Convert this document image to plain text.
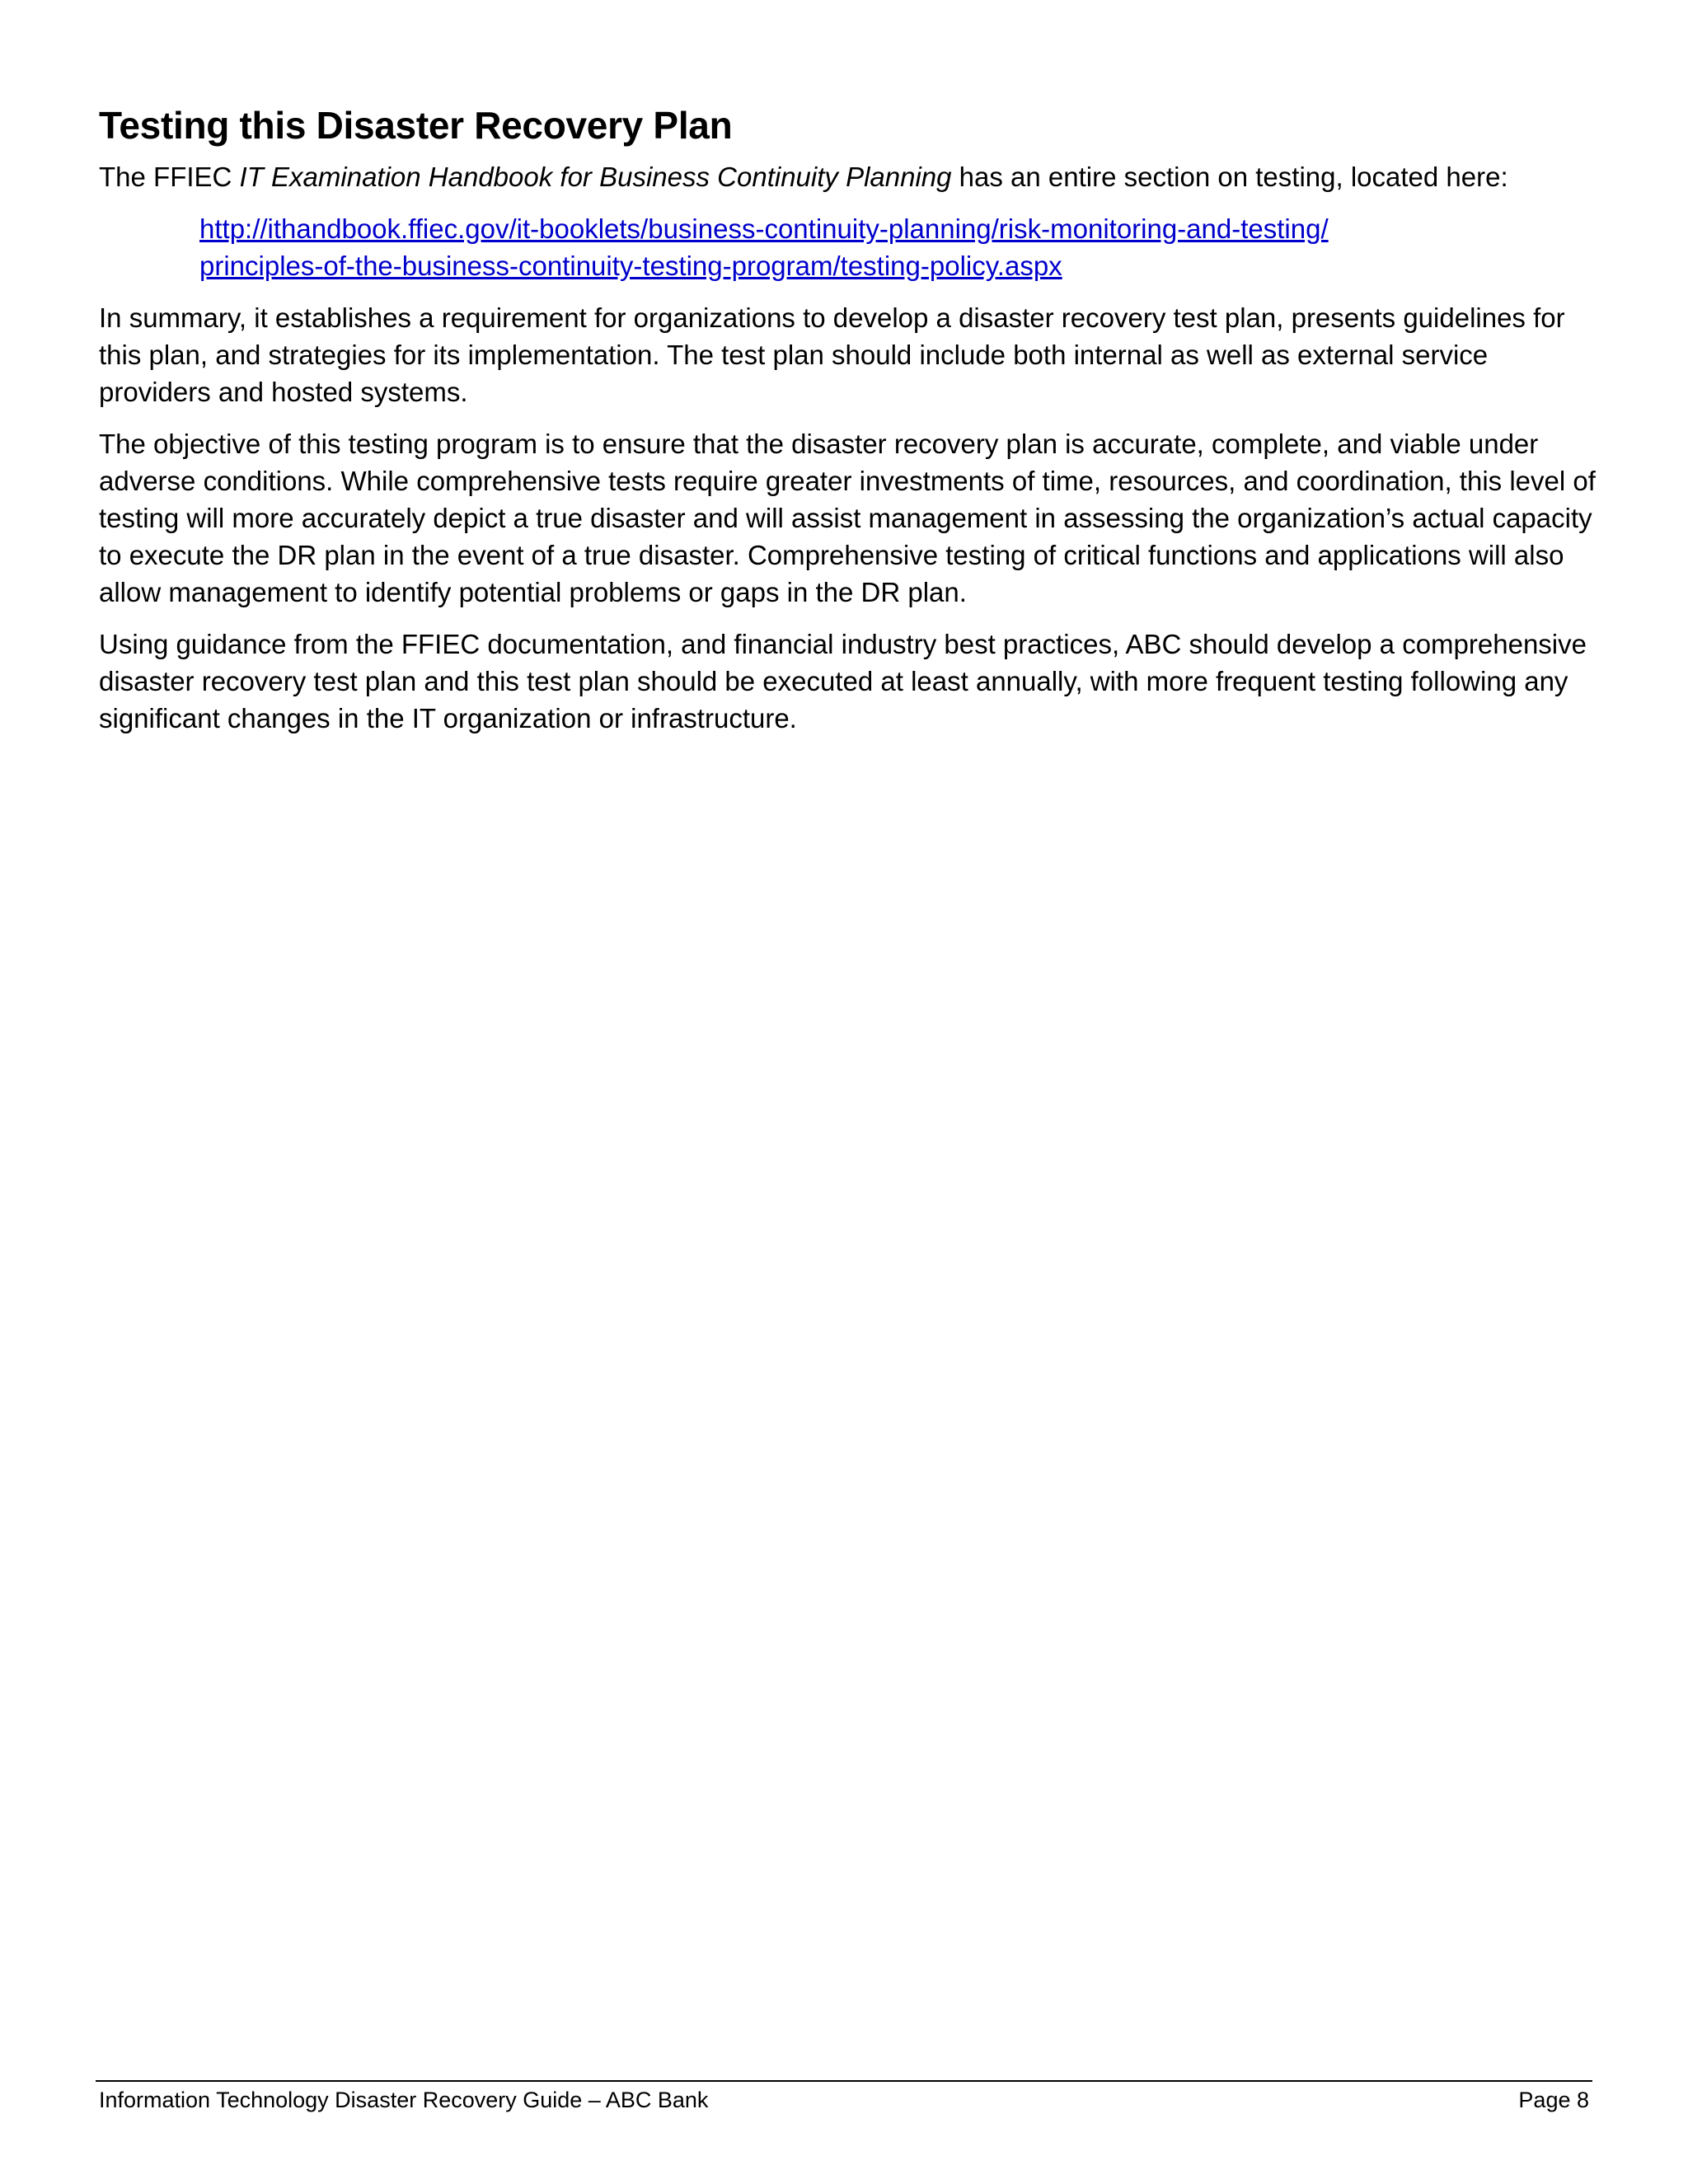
Testing this Disaster Recovery Plan

The FFIEC IT Examination Handbook for Business Continuity Planning has an entire section on testing, located here:

http://ithandbook.ffiec.gov/it-booklets/business-continuity-planning/risk-monitoring-and-testing/
principles-of-the-business-continuity-testing-program/testing-policy.aspx

In summary, it establishes a requirement for organizations to develop a disaster recovery test plan, presents guidelines for this plan, and strategies for its implementation. The test plan should include both internal as well as external service providers and hosted systems.

The objective of this testing program is to ensure that the disaster recovery plan is accurate, complete, and viable under adverse conditions. While comprehensive tests require greater investments of time, resources, and coordination, this level of testing will more accurately depict a true disaster and will assist management in assessing the organization’s actual capacity to execute the DR plan in the event of a true disaster. Comprehensive testing of critical functions and applications will also allow management to identify potential problems or gaps in the DR plan.

Using guidance from the FFIEC documentation, and financial industry best practices, ABC should develop a comprehensive disaster recovery test plan and this test plan should be executed at least annually, with more frequent testing following any significant changes in the IT organization or infrastructure.

Information Technology Disaster Recovery Guide – ABC Bank	Page 8
